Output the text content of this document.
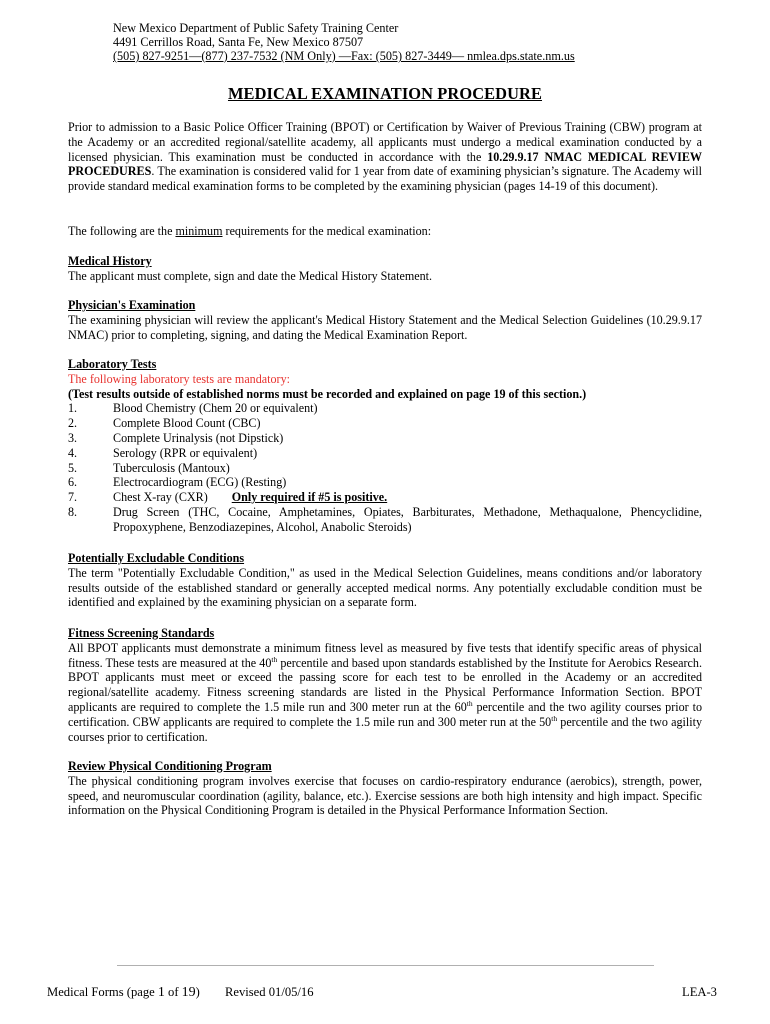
New Mexico Department of Public Safety Training Center
4491 Cerrillos Road, Santa Fe, New Mexico 87507
(505) 827-9251—(877) 237-7532 (NM Only) —Fax: (505) 827-3449— nmlea.dps.state.nm.us
MEDICAL EXAMINATION PROCEDURE
Prior to admission to a Basic Police Officer Training (BPOT) or Certification by Waiver of Previous Training (CBW) program at the Academy or an accredited regional/satellite academy, all applicants must undergo a medical examination conducted by a licensed physician. This examination must be conducted in accordance with the 10.29.9.17 NMAC MEDICAL REVIEW PROCEDURES. The examination is considered valid for 1 year from date of examining physician’s signature. The Academy will provide standard medical examination forms to be completed by the examining physician (pages 14-19 of this document).
The following are the minimum requirements for the medical examination:
Medical History
The applicant must complete, sign and date the Medical History Statement.
Physician's Examination
The examining physician will review the applicant's Medical History Statement and the Medical Selection Guidelines (10.29.9.17 NMAC) prior to completing, signing, and dating the Medical Examination Report.
Laboratory Tests
The following laboratory tests are mandatory:
(Test results outside of established norms must be recorded and explained on page 19 of this section.)
1.	Blood Chemistry (Chem 20 or equivalent)
2.	Complete Blood Count (CBC)
3.	Complete Urinalysis (not Dipstick)
4.	Serology (RPR or equivalent)
5.	Tuberculosis (Mantoux)
6.	Electrocardiogram (ECG) (Resting)
7.	Chest X-ray (CXR) Only required if #5 is positive.
8.	Drug Screen (THC, Cocaine, Amphetamines, Opiates, Barbiturates, Methadone, Methaqualone, Phencyclidine, Propoxyphene, Benzodiazepines, Alcohol, Anabolic Steroids)
Potentially Excludable Conditions
The term "Potentially Excludable Condition," as used in the Medical Selection Guidelines, means conditions and/or laboratory results outside of the established standard or generally accepted medical norms. Any potentially excludable condition must be identified and explained by the examining physician on a separate form.
Fitness Screening Standards
All BPOT applicants must demonstrate a minimum fitness level as measured by five tests that identify specific areas of physical fitness. These tests are measured at the 40th percentile and based upon standards established by the Institute for Aerobics Research. BPOT applicants must meet or exceed the passing score for each test to be enrolled in the Academy or an accredited regional/satellite academy. Fitness screening standards are listed in the Physical Performance Information Section. BPOT applicants are required to complete the 1.5 mile run and 300 meter run at the 60th percentile and the two agility courses prior to certification. CBW applicants are required to complete the 1.5 mile run and 300 meter run at the 50th percentile and the two agility courses prior to certification.
Review Physical Conditioning Program
The physical conditioning program involves exercise that focuses on cardio-respiratory endurance (aerobics), strength, power, speed, and neuromuscular coordination (agility, balance, etc.). Exercise sessions are both high intensity and high impact. Specific information on the Physical Conditioning Program is detailed in the Physical Performance Information Section.
Medical Forms (page 1 of 19) Revised 01/05/16	LEA-3
